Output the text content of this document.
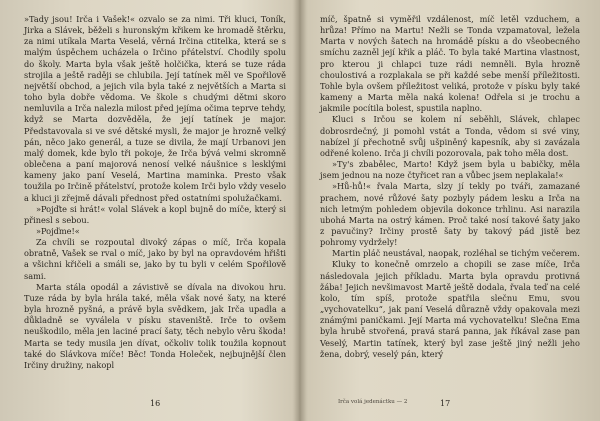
»Tady jsou! Irča i Vašek!« ozvalo se za nimi. Tři kluci, Toník, Jirka a Slávek, běželi s huronským křikem ke hromadě štěrku, za nimi utíkala Marta Veselá, věrná Irčina ctitelka, která se s malým úspěchem ucházela o Irčino přátelství. Chodily spolu do školy. Marta byla však ještě holčička, která se tuze ráda strojila a ještě raději se chlubila. Její tatínek měl ve Spořilově největší obchod, a jejich vila byla také z největších a Marta si toho byla dobře vědoma. Ve škole s chudými dětmi skoro nemluvila a Irča nalezla milost před jejíma očima teprve tehdy, když se Marta dozvěděla, že její tatínek je major. Představovala si ve své dětské mysli, že major je hrozně velký pán, něco jako generál, a tuze se divila, že mají Urbanovi jen malý domek, kde bylo tři pokoje, že Irča bývá velmi skromně oblečena a paní majorová nenosí velké náušnice s lesklými kameny jako paní Veselá, Martina maminka. Presto však toužila po Irčině přátelství, protože kolem Irči bylo vždy veselo a kluci ji zřejmě dávali přednost před ostatními spolužačkami.

»Pojďte si hrát!« volal Slávek a kopl bujně do míče, který si přinesl s sebou.

»Pojďme!«

Za chvíli se rozpoutal divoký zápas o míč, Irča kopala obratně, Vašek se rval o míč, jako by byl na opravdovém hřišti a všichni křičeli a smáli se, jako by tu byli v celém Spořilově sami.

Marta stála opodál a závistivě se dívala na divokou hru. Tuze ráda by byla hrála také, měla však nové šaty, na které byla hrozně pyšná, a právě byla svědkem, jak Irča upadla a důkladně se vyválela v písku staveniště. Irče to ovšem neuškodilo, měla jen laciné prací šaty, těch nebylo věru škoda! Marta se tedy musila jen dívat, očkoliv tolik toužila kopnout také do Slávkova míče! Běc! Tonda Holeček, nejbujnější člen Irčiny družiny, nakopl

16

míč, špatně si vyměřil vzdálenost, míč letěl vzduchem, a hrůza! Přímo na Martu! Nežli se Tonda vzpamatoval, ležela Marta v nových šatech na hromádě písku a do všeobecného smíchu zazněl její křik a pláč. To byla také Martina vlastnost, pro kterou ji chlapci tuze rádi nemněli. Byla hrozně choulostivá a rozplakala se při každé sebe menší příležitosti. Tohle byla ovšem příležitost veliká, protože v písku byly také kameny a Marta měla naká kolena! Odřela si je trochu a jakmile pocítila bolest, spustila naplno.

Kluci s Irčou se kolem ní seběhli, Slávek, chlapec dobrosrdečný, ji pomohl vstát a Tonda, vědom si své viny, nabízel jí přechotně svůj ušpiněný kapesník, aby si zavázala odřené koleno. Irča ji chvíli pozorovala, pak toho měla dost.

»Ty's zbabělec, Marto! Když jsem byla u babičky, měla jsem jednou na noze čtyřicet ran a vůbec jsem neplakala!«

»Hů-hů!« řvala Marta, slzy jí tekly po tváři, zamazané prachem, nové růžové šaty pozbyly pádem lesku a Irča na nich letmým pohledem objevila dokonce trhlinu. Asi narazila ubohá Marta na ostrý kámen. Proč také nosí takové šaty jako z pavučiny? Irčiny prostě šaty by takový pád jistě bez pohromy vydržely!

Martin pláč neustával, naopak, rozléhal se tichým večerem.

Kluky to konečně omrzelo a chopili se zase míče, Irča následovala jejich příkladu. Marta byla opravdu protivná žába! Jejich nevšimavost Martě ještě dodala, řvala teď na celé kolo, tím spíš, protože spatřila slečnu Emu, svou „vychovatelku“, jak paní Veselá důrazně vždy opakovala mezi známými paničkami. Její Marta má vychovatelku! Slečna Ema byla hrubě stvořená, pravá stará panna, jak říkával zase pan Veselý, Martin tatínek, který byl zase ještě jiný nežli jeho žena, dobrý, veselý pán, který

Irča volá jedenáctku — 2	17
